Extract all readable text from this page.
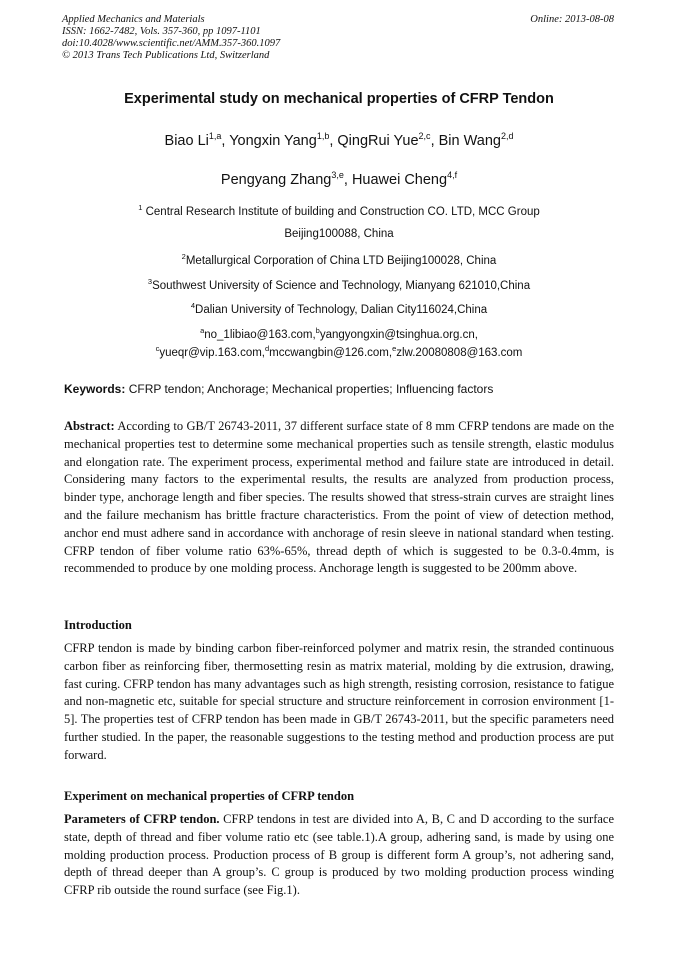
Applied Mechanics and Materials
ISSN: 1662-7482, Vols. 357-360, pp 1097-1101
doi:10.4028/www.scientific.net/AMM.357-360.1097
© 2013 Trans Tech Publications Ltd, Switzerland
Online: 2013-08-08
Experimental study on mechanical properties of CFRP Tendon
Biao Li$^{1,a}$, Yongxin Yang$^{1,b}$, QingRui Yue$^{2,c}$, Bin Wang$^{2,d}$
Pengyang Zhang$^{3,e}$, Huawei Cheng$^{4,f}$
$^1$ Central Research Institute of building and Construction CO. LTD, MCC Group
Beijing100088, China
$^2$Metallurgical Corporation of China LTD Beijing100028, China
$^3$Southwest University of Science and Technology, Mianyang 621010,China
$^4$Dalian University of Technology, Dalian City116024,China
$^a$no_1libiao@163.com,$^b$yangyongxin@tsinghua.org.cn,
$^c$yueqr@vip.163.com,$^d$mccwangbin@126.com,$^e$zlw.20080808@163.com
Keywords: CFRP tendon; Anchorage; Mechanical properties; Influencing factors
Abstract: According to GB/T 26743-2011, 37 different surface state of 8 mm CFRP tendons are made on the mechanical properties test to determine some mechanical properties such as tensile strength, elastic modulus and elongation rate. The experiment process, experimental method and failure state are introduced in detail. Considering many factors to the experimental results, the results are analyzed from production process, binder type, anchorage length and fiber species. The results showed that stress-strain curves are straight lines and the failure mechanism has brittle fracture characteristics. From the point of view of detection method, anchor end must adhere sand in accordance with anchorage of resin sleeve in national standard when testing. CFRP tendon of fiber volume ratio 63%-65%, thread depth of which is suggested to be 0.3-0.4mm, is recommended to produce by one molding process. Anchorage length is suggested to be 200mm above.
Introduction
CFRP tendon is made by binding carbon fiber-reinforced polymer and matrix resin, the stranded continuous carbon fiber as reinforcing fiber, thermosetting resin as matrix material, molding by die extrusion, drawing, fast curing. CFRP tendon has many advantages such as high strength, resisting corrosion, resistance to fatigue and non-magnetic etc, suitable for special structure and structure reinforcement in corrosion environment [1-5]. The properties test of CFRP tendon has been made in GB/T 26743-2011, but the specific parameters need further studied. In the paper, the reasonable suggestions to the testing method and production process are put forward.
Experiment on mechanical properties of CFRP tendon
Parameters of CFRP tendon. CFRP tendons in test are divided into A, B, C and D according to the surface state, depth of thread and fiber volume ratio etc (see table.1).A group, adhering sand, is made by using one molding production process. Production process of B group is different form A group’s, not adhering sand, depth of thread deeper than A group’s. C group is produced by two molding production process winding CFRP rib outside the round surface (see Fig.1).
